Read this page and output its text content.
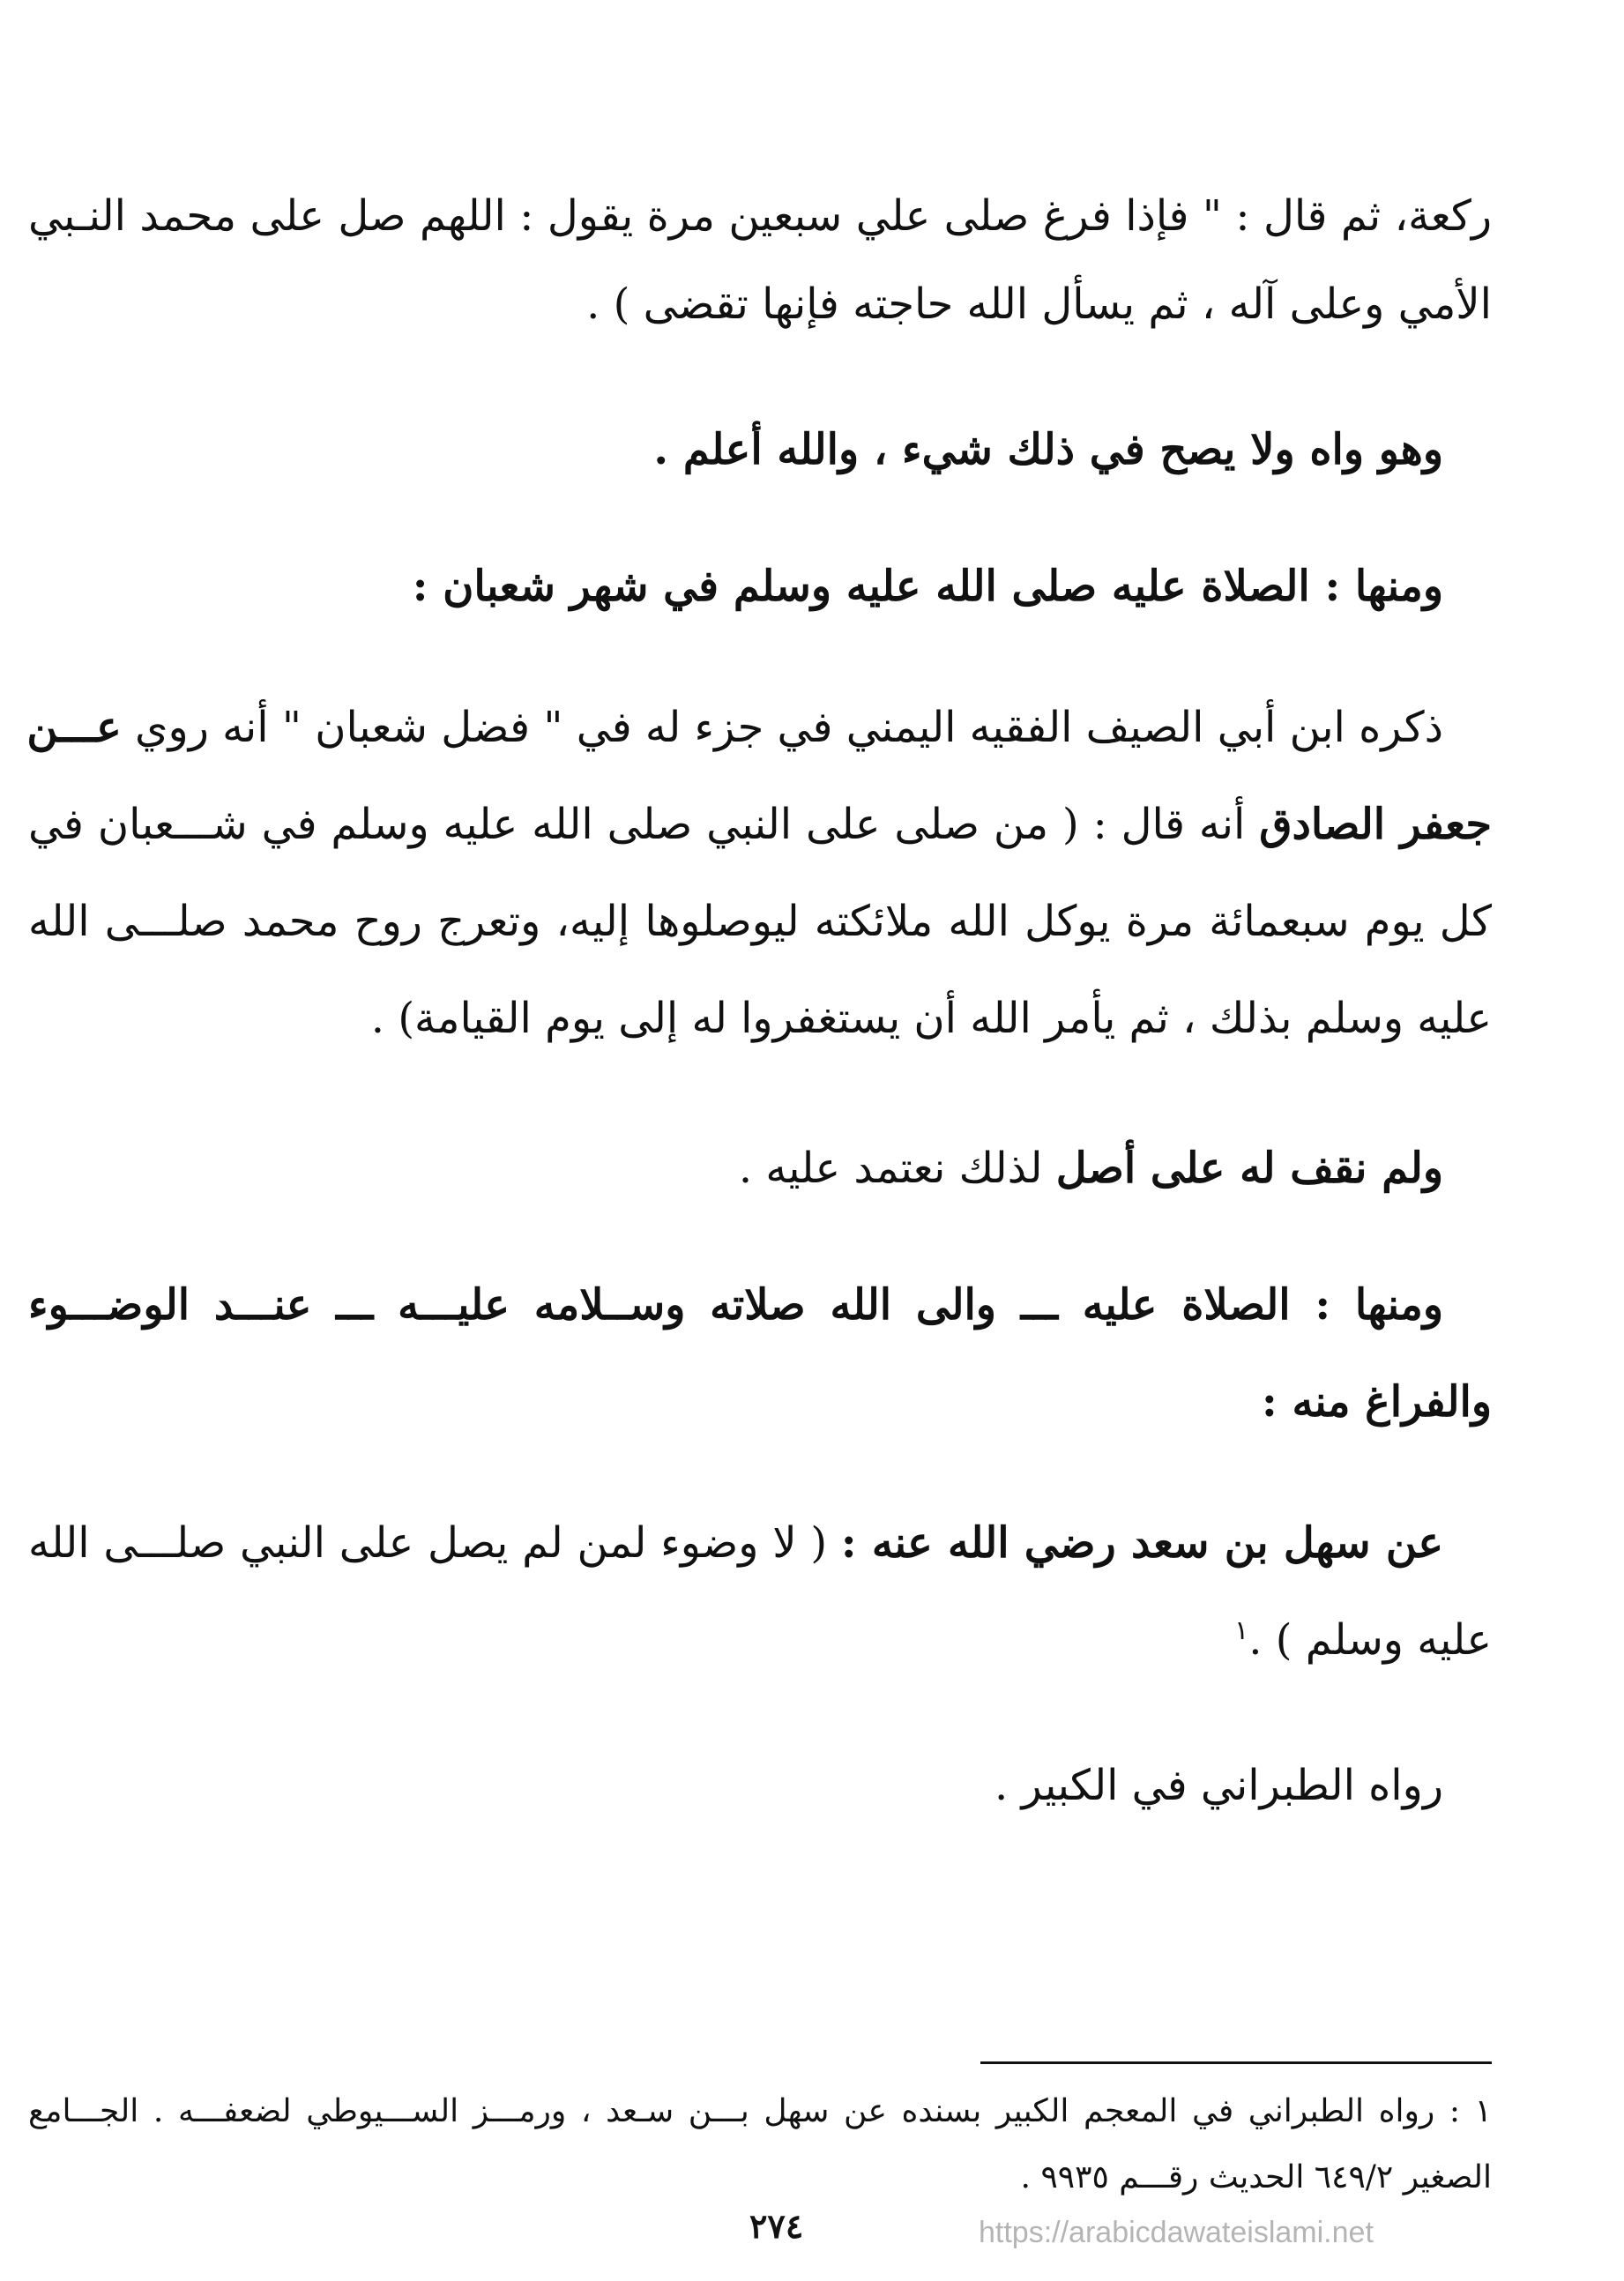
ركعة، ثم قال : " فإذا فرغ صلى علي سبعين مرة يقول : اللهم صل على محمد النـبي
الأمي وعلى آله ، ثم يسأل الله حاجته فإنها تقضى ) .
وهو واه ولا يصح في ذلك شيء ، والله أعلم .
ومنها : الصلاة عليه صلى الله عليه وسلم في شهر شعبان :
ذكره ابن أبي الصيف الفقيه اليمني في جزء له في " فضل شعبان " أنه روي عـــن
جعفر الصادق أنه قال : ( من صلى على النبي صلى الله عليه وسلم في شـــعبان في
كل يوم سبعمائة مرة يوكل الله ملائكته ليوصلوها إليه، وتعرج روح محمد صلـــى الله
عليه وسلم بذلك ، ثم يأمر الله أن يستغفروا له إلى يوم القيامة) .
ولم نقف له على أصل لذلك نعتمد عليه .
ومنها : الصلاة عليه ـــ والى الله صلاته وســلامه عليـــه ـــ عنـــد الوضـــوء
والفراغ منه :
عن سهل بن سعد رضي الله عنه : ( لا وضوء لمن لم يصل على النبي صلـــى الله
عليه وسلم ) .$^١$
رواه الطبراني في الكبير .
١ : رواه الطبراني في المعجم الكبير بسنده عن سهل بـــن سـعد ، ورمـــز الســـيوطي لضعفـــه . الجـــامع
الصغير ٦٤٩/٢ الحديث رقـــم ٩٩٣٥ .
٢٧٤	https://arabicdawateislami.net
